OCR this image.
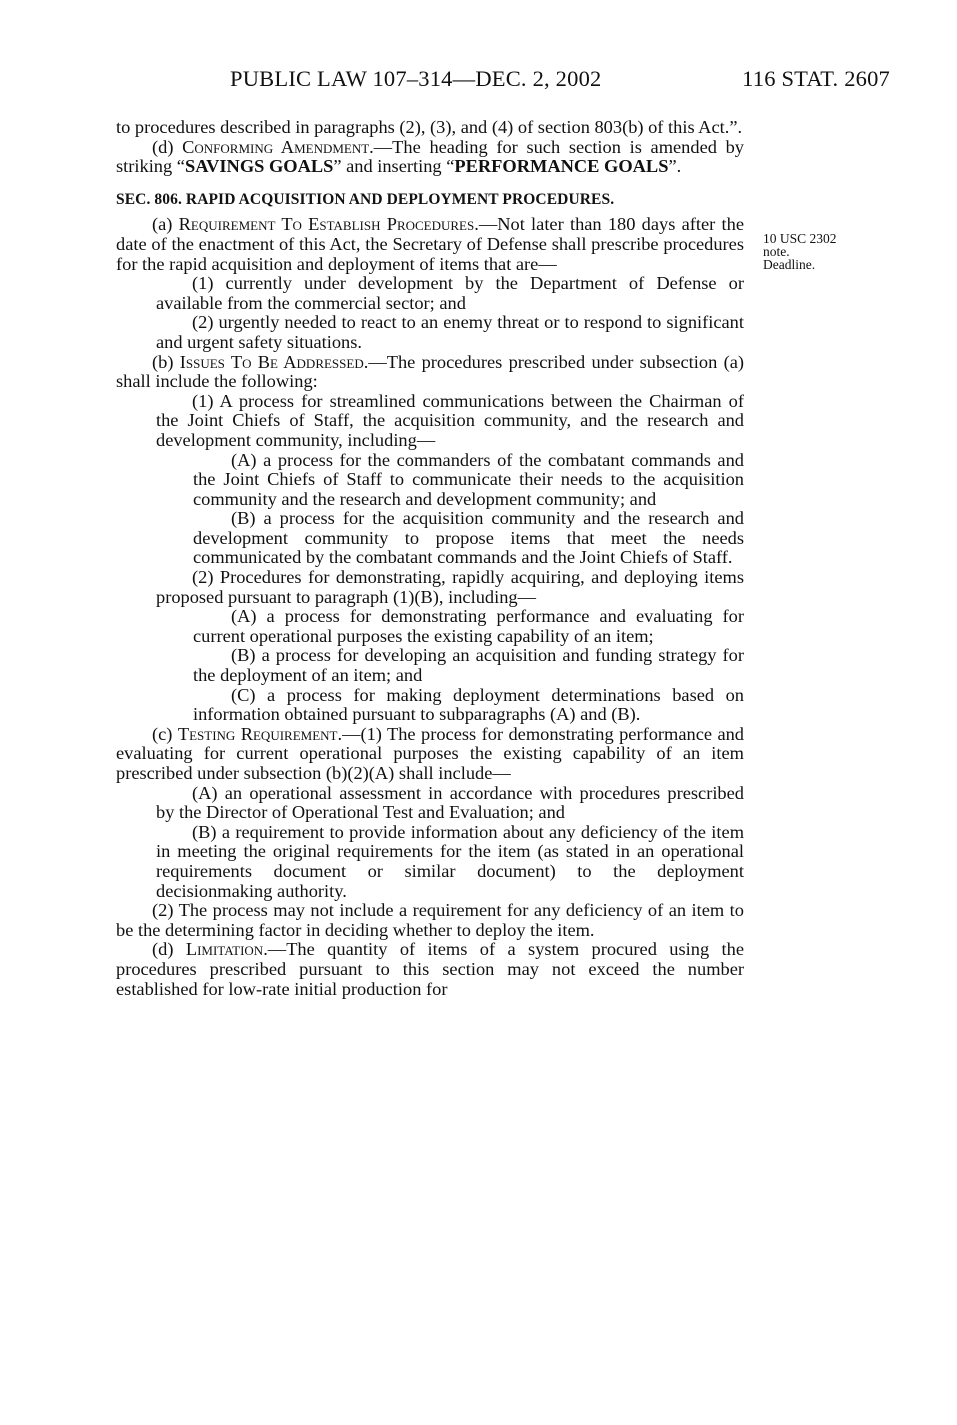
PUBLIC LAW 107–314—DEC. 2, 2002	116 STAT. 2607
10 USC 2302
note.
Deadline.

to procedures described in paragraphs (2), (3), and (4) of section 803(b) of this Act.”.

(d) Conforming Amendment.—The heading for such section is amended by striking “SAVINGS GOALS” and inserting “PERFORMANCE GOALS”.

SEC. 806. RAPID ACQUISITION AND DEPLOYMENT PROCEDURES.

(a) Requirement To Establish Procedures.—Not later than 180 days after the date of the enactment of this Act, the Secretary of Defense shall prescribe procedures for the rapid acquisition and deployment of items that are—

(1) currently under development by the Department of Defense or available from the commercial sector; and

(2) urgently needed to react to an enemy threat or to respond to significant and urgent safety situations.

(b) Issues To Be Addressed.—The procedures prescribed under subsection (a) shall include the following:

(1) A process for streamlined communications between the Chairman of the Joint Chiefs of Staff, the acquisition community, and the research and development community, including—

(A) a process for the commanders of the combatant commands and the Joint Chiefs of Staff to communicate their needs to the acquisition community and the research and development community; and

(B) a process for the acquisition community and the research and development community to propose items that meet the needs communicated by the combatant commands and the Joint Chiefs of Staff.

(2) Procedures for demonstrating, rapidly acquiring, and deploying items proposed pursuant to paragraph (1)(B), including—

(A) a process for demonstrating performance and evaluating for current operational purposes the existing capability of an item;

(B) a process for developing an acquisition and funding strategy for the deployment of an item; and

(C) a process for making deployment determinations based on information obtained pursuant to subparagraphs (A) and (B).

(c) Testing Requirement.—(1) The process for demonstrating performance and evaluating for current operational purposes the existing capability of an item prescribed under subsection (b)(2)(A) shall include—

(A) an operational assessment in accordance with procedures prescribed by the Director of Operational Test and Evaluation; and

(B) a requirement to provide information about any deficiency of the item in meeting the original requirements for the item (as stated in an operational requirements document or similar document) to the deployment decisionmaking authority.

(2) The process may not include a requirement for any deficiency of an item to be the determining factor in deciding whether to deploy the item.

(d) Limitation.—The quantity of items of a system procured using the procedures prescribed pursuant to this section may not exceed the number established for low-rate initial production for
